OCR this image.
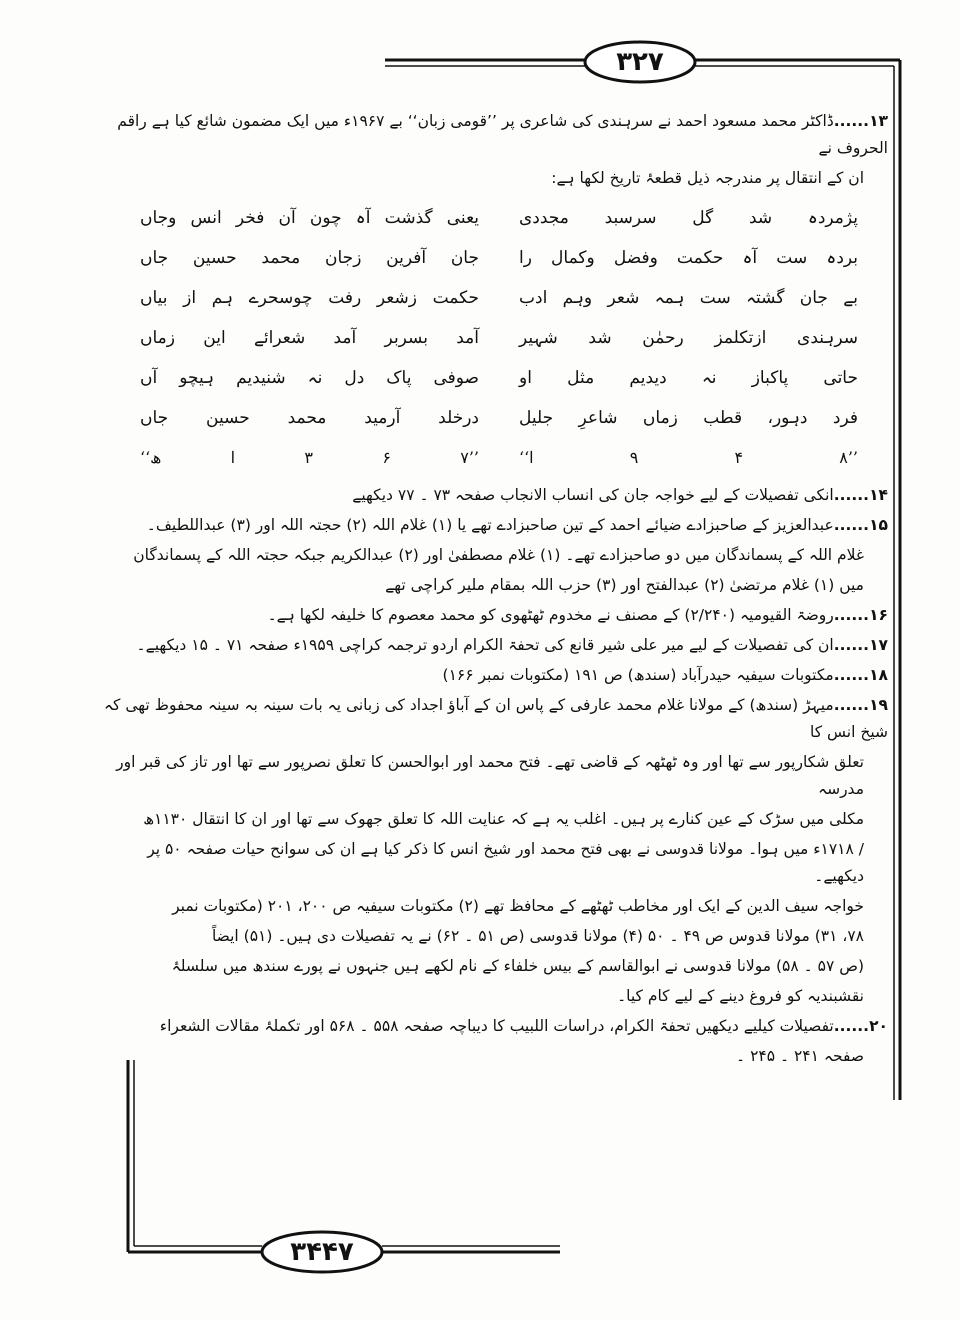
۳۲۷
۳۴۴۷

۱۳......ڈاکٹر محمد مسعود احمد نے سرہندی کی شاعری پر ’’قومی زبان‘‘ بے ۱۹۶۷ء میں ایک مضمون شائع کیا ہے راقم الحروف نے

ان کے انتقال پر مندرجہ ذیل قطعۂ تاریخ لکھا ہے:

پژمردہ شد گل سرسبد مجددی
یعنی گذشت آہ چون آن فخر انس وجاں
بردہ ست آہ حکمت وفضل وکمال را
جان آفرین زجان محمد حسین جاں
بے جان گشتہ ست ہمہ شعر وہم ادب
حکمت زشعر رفت چوسحرے ہم از بیاں
سرہندی ازتکلمز رحمٰن شد شہیر
آمد بسربر آمد شعرائے این زماں
حاتی پاکباز نہ دیدیم مثل او
صوفی پاک دل نہ شنیدیم ہیچو آں
فرد دہور، قطب زماں شاعرِ جلیل
درخلد آرمید محمد حسین جاں
’’۸
۴
۹
ا‘‘
’’۷
۶
۳
ا
ھ‘‘

۱۴......انکی تفصیلات کے لیے خواجہ جان کی انساب الانجاب صفحہ ۷۳ ۔ ۷۷ دیکھیے

۱۵......عبدالعزیز کے صاحبزادے ضیائے احمد کے تین صاحبزادے تھے یا (۱) غلام اللہ (۲) حجتہ اللہ اور (۳) عبداللطیف۔

غلام اللہ کے پسماندگان میں دو صاحبزادے تھے۔ (۱) غلام مصطفیٰ اور (۲) عبدالکریم جبکہ حجتہ اللہ کے پسماندگان

میں (۱) غلام مرتضیٰ (۲) عبدالفتح اور (۳) حزب اللہ بمقام ملیر کراچی تھے

۱۶......روضۃ القیومیہ (۲/۲۴۰) کے مصنف نے مخدوم ٹھٹھوی کو محمد معصوم کا خلیفہ لکھا ہے۔

۱۷......ان کی تفصیلات کے لیے میر علی شیر قانع کی تحفۃ الکرام اردو ترجمہ کراچی ۱۹۵۹ء صفحہ ۷۱ ۔ ۱۵ دیکھیے۔

۱۸......مکتوبات سیفیہ حیدرآباد (سندھ) ص ۱۹۱ (مکتوبات نمبر ۱۶۶)

۱۹......میہڑ (سندھ) کے مولانا غلام محمد عارفی کے پاس ان کے آباؤ اجداد کی زبانی یہ بات سینہ بہ سینہ محفوظ تھی کہ شیخ انس کا

تعلق شکارپور سے تھا اور وہ ٹھٹھہ کے قاضی تھے۔ فتح محمد اور ابوالحسن کا تعلق نصرپور سے تھا اور تاز کی قبر اور مدرسہ

مکلی میں سڑک کے عین کنارے پر ہیں۔ اغلب یہ ہے کہ عنایت اللہ کا تعلق جھوک سے تھا اور ان کا انتقال ۱۱۳۰ھ

/ ۱۷۱۸ء میں ہوا۔ مولانا قدوسی نے بھی فتح محمد اور شیخ انس کا ذکر کیا ہے ان کی سوانح حیات صفحہ ۵۰ پر دیکھیے۔

خواجہ سیف الدین کے ایک اور مخاطب ٹھٹھے کے محافظ تھے (۲) مکتوبات سیفیہ ص ۲۰۰، ۲۰۱ (مکتوبات نمبر

۷۸، ۳۱) مولانا قدوس ص ۴۹ ۔ ۵۰ (۴) مولانا قدوسی (ص ۵۱ ۔ ۶۲) نے یہ تفصیلات دی ہیں۔ (۵۱) ایضاً

(ص ۵۷ ۔ ۵۸) مولانا قدوسی نے ابوالقاسم کے بیس خلفاء کے نام لکھے ہیں جنہوں نے پورے سندھ میں سلسلۂ

نقشبندیہ کو فروغ دینے کے لیے کام کیا۔

۲۰......تفصیلات کیلیے دیکھیں تحفۃ الکرام، دراسات اللبیب کا دیباچہ صفحہ ۵۵۸ ۔ ۵۶۸ اور تکملۂ مقالات الشعراء

صفحہ ۲۴۱ ۔ ۲۴۵ ۔
